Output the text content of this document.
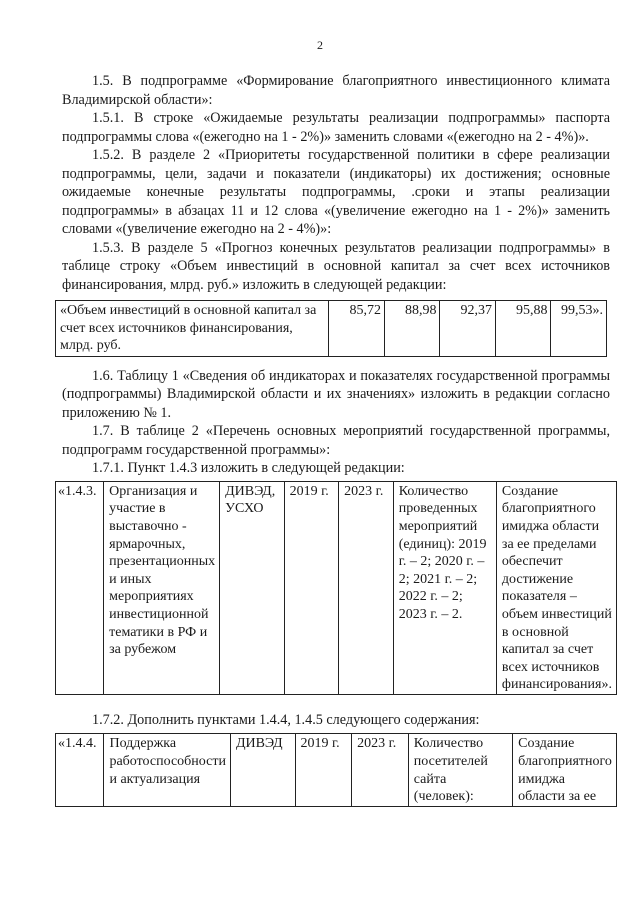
2

1.5. В подпрограмме «Формирование благоприятного инвестиционного климата Владимирской области»:

1.5.1. В строке «Ожидаемые результаты реализации подпрограммы» паспорта подпрограммы слова «(ежегодно на 1 - 2%)» заменить словами «(ежегодно на 2 - 4%)».

1.5.2. В разделе 2 «Приоритеты государственной политики в сфере реализации подпрограммы, цели, задачи и показатели (индикаторы) их достижения; основные ожидаемые конечные результаты подпрограммы, .сроки и этапы реализации подпрограммы» в абзацах 11 и 12 слова «(увеличение ежегодно на 1 - 2%)» заменить словами «(увеличение ежегодно на 2 - 4%)»:

1.5.3. В разделе 5 «Прогноз конечных результатов реализации подпрограммы» в таблице строку «Объем инвестиций в основной капитал за счет всех источников финансирования, млрд. руб.» изложить в следующей редакции:

«Объем инвестиций в основной капитал за счет всех источников финансирования, млрд. руб.	85,72	88,98	92,37	95,88	99,53».

1.6. Таблицу 1 «Сведения об индикаторах и показателях государственной программы (подпрограммы) Владимирской области и их значениях» изложить в редакции согласно приложению № 1.

1.7. В таблице 2 «Перечень основных мероприятий государственной программы, подпрограмм государственной программы»:

1.7.1. Пункт 1.4.3 изложить в следующей редакции:

«1.4.3.	Организация и участие в выставочно - ярмарочных, презентационных и иных мероприятиях инвестиционной тематики в РФ и за рубежом	ДИВЭД, УСХО	2019 г.	2023 г.	Количество проведенных мероприятий (единиц): 2019 г. – 2; 2020 г. – 2; 2021 г. – 2; 2022 г. – 2; 2023 г. – 2.	Создание благоприятного имиджа области за ее пределами обеспечит достижение показателя – объем инвестиций в основной капитал за счет всех источников финансирования».

1.7.2. Дополнить пунктами 1.4.4, 1.4.5 следующего содержания:

«1.4.4.	Поддержка работоспособности и актуализация	ДИВЭД	2019 г.	2023 г.	Количество посетителей сайта (человек):	Создание благоприятного имиджа области за ее
